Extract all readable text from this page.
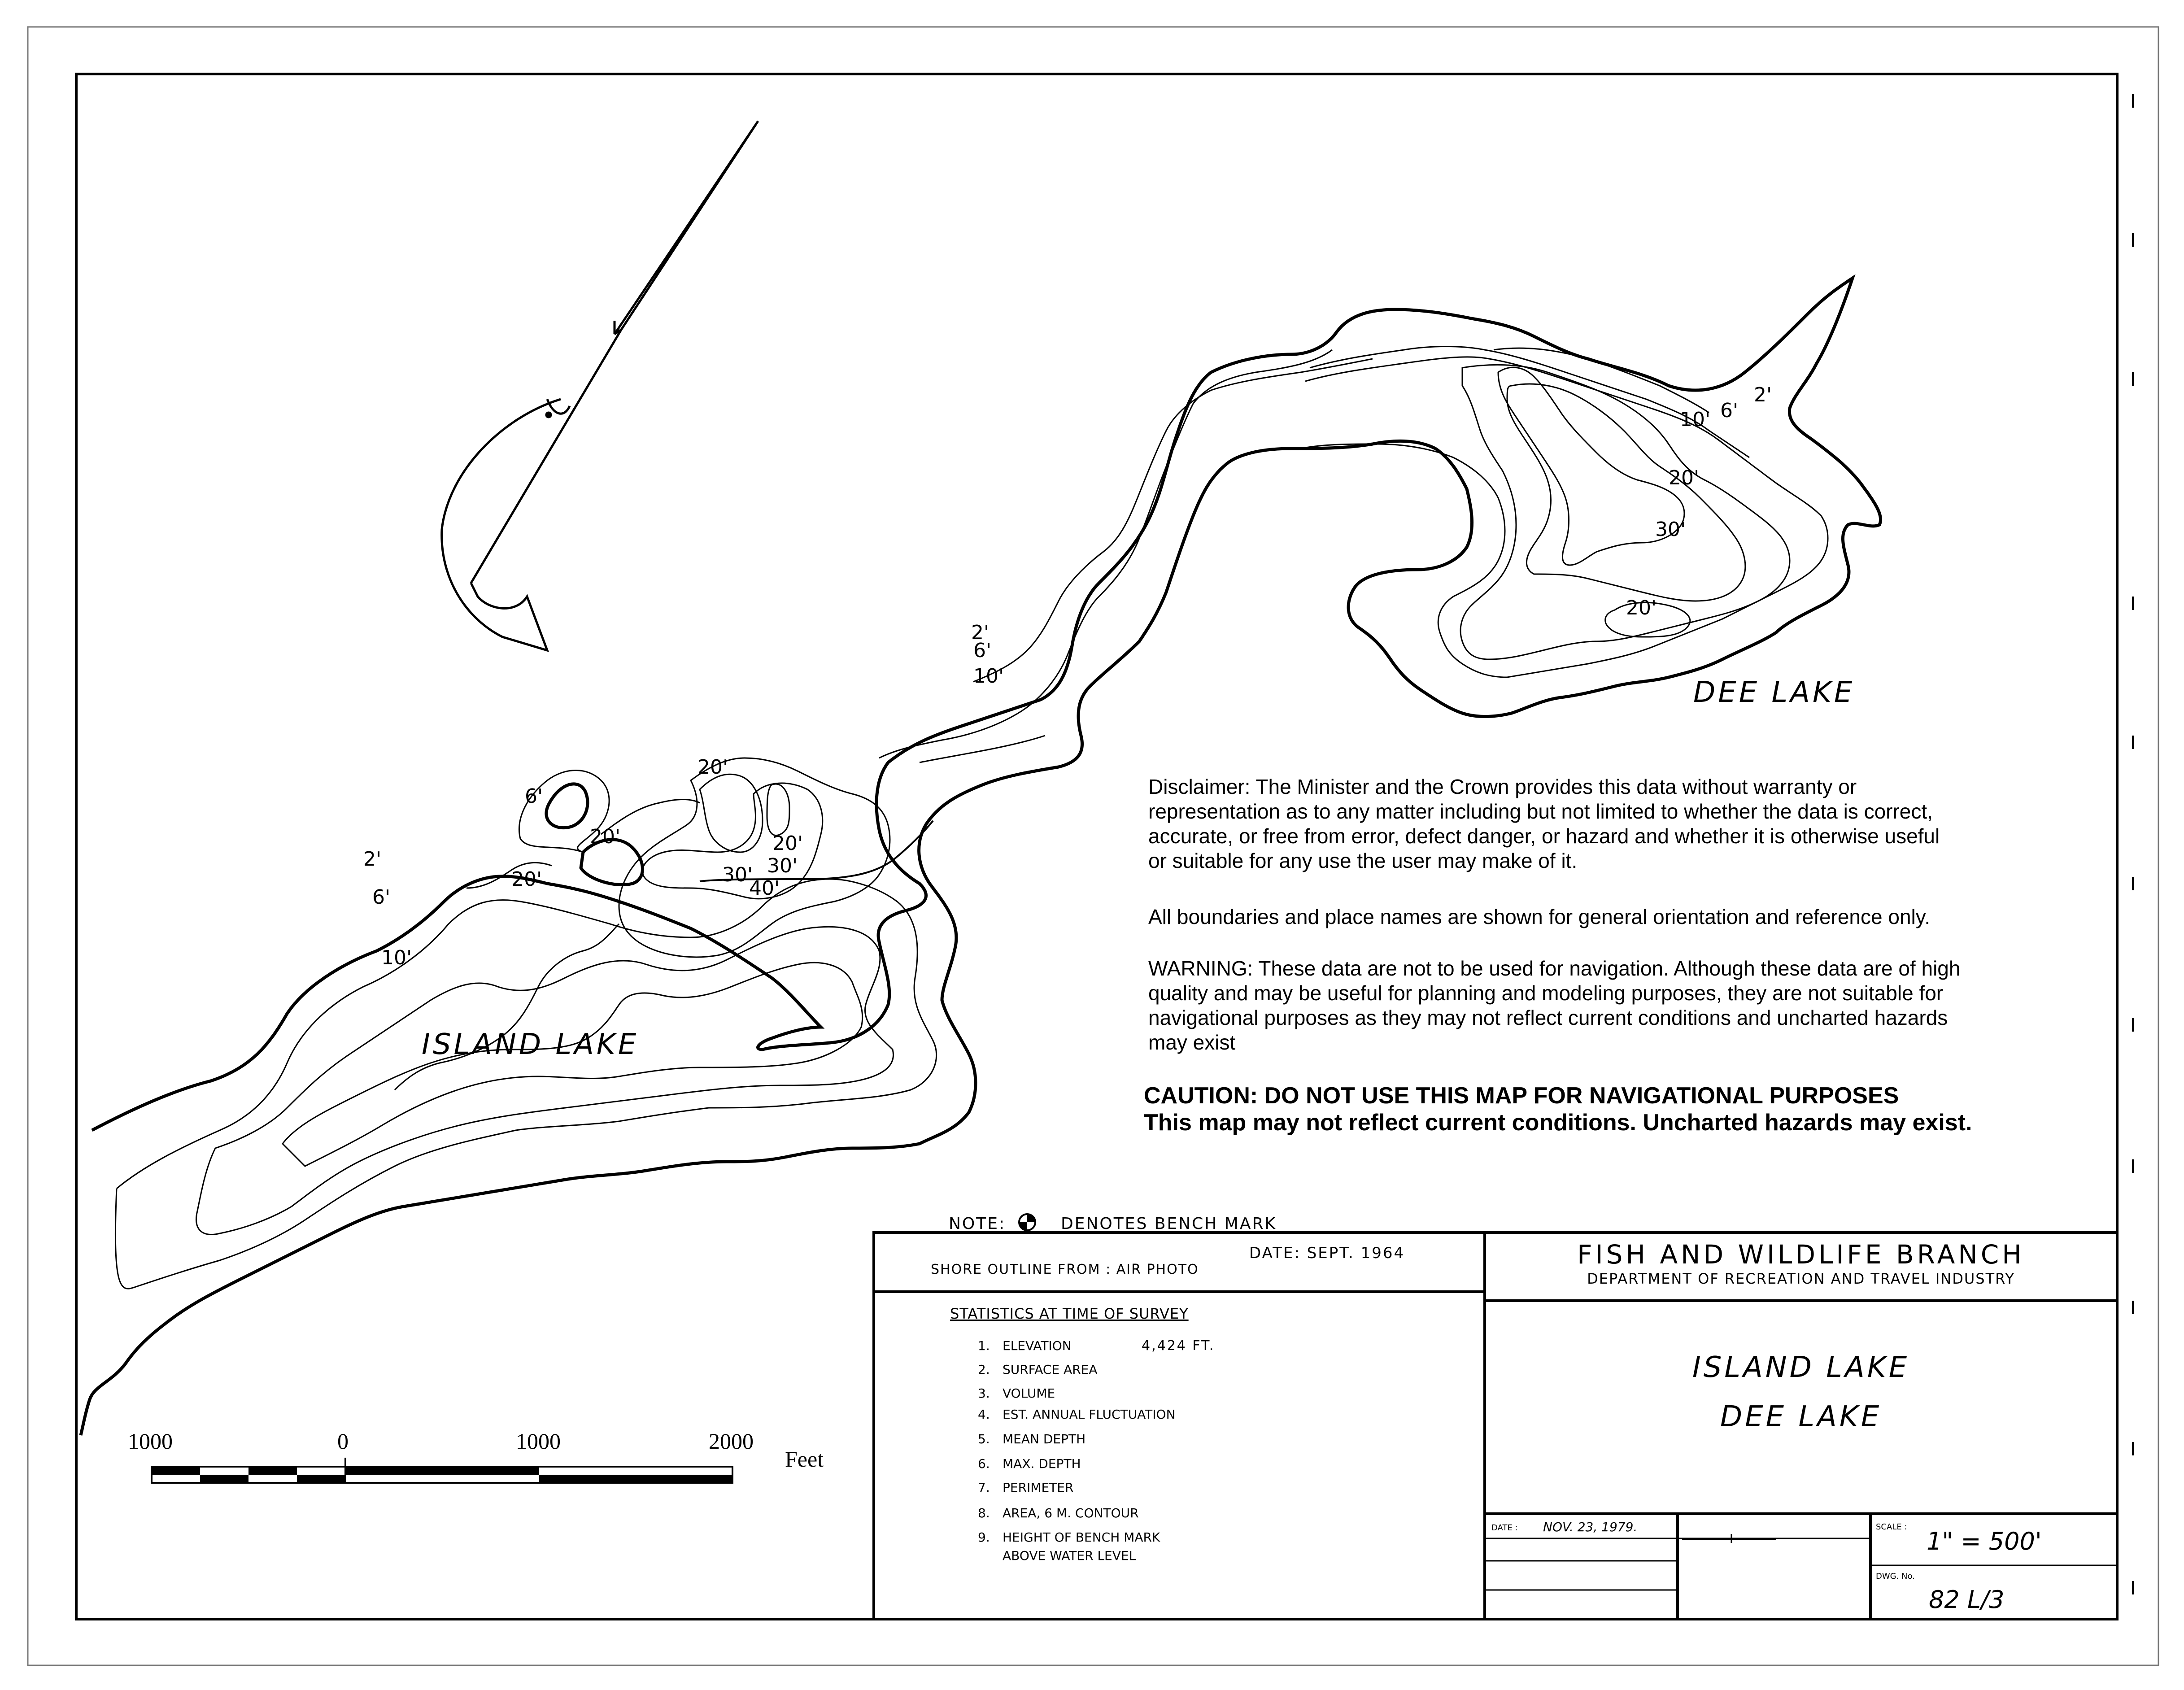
2'
6'
10'
6'
20'
20'
20'
20'
30' 30'
40'
2'
6'
10'
10' 6'
2'
20'
30'
20'
ISLAND LAKE
DEE LAKE
Disclaimer: The Minister and the Crown provides this data without warranty or
representation as to any matter including but not limited to whether the data is correct,
accurate, or free from error, defect danger, or hazard and whether it is otherwise useful
or suitable for any use the user may make of it.
All boundaries and place names are shown for general orientation and reference only.
WARNING: These data are not to be used for navigation. Although these data are of high
quality and may be useful for planning and modeling purposes, they are not suitable for
navigational purposes as they may not reflect current conditions and uncharted hazards
may exist
CAUTION: DO NOT USE THIS MAP FOR NAVIGATIONAL PURPOSES
This map may not reflect current conditions. Uncharted hazards may exist.
1000	0	1000	2000
Feet
NOTE:	DENOTES BENCH MARK
DATE: SEPT. 1964
SHORE OUTLINE FROM : AIR PHOTO
STATISTICS AT TIME OF SURVEY
1. ELEVATION	4,424 FT.
2. SURFACE AREA
3. VOLUME
4. EST. ANNUAL FLUCTUATION
5. MEAN DEPTH
6. MAX. DEPTH
7. PERIMETER
8. AREA, 6 M. CONTOUR
9. HEIGHT OF BENCH MARK
ABOVE WATER LEVEL
FISH AND WILDLIFE BRANCH
DEPARTMENT OF RECREATION AND TRAVEL INDUSTRY
ISLAND LAKE
DEE LAKE
DATE : NOV. 23, 1979.	SCALE :
1" = 500'
DWG. No.
82 L/3
